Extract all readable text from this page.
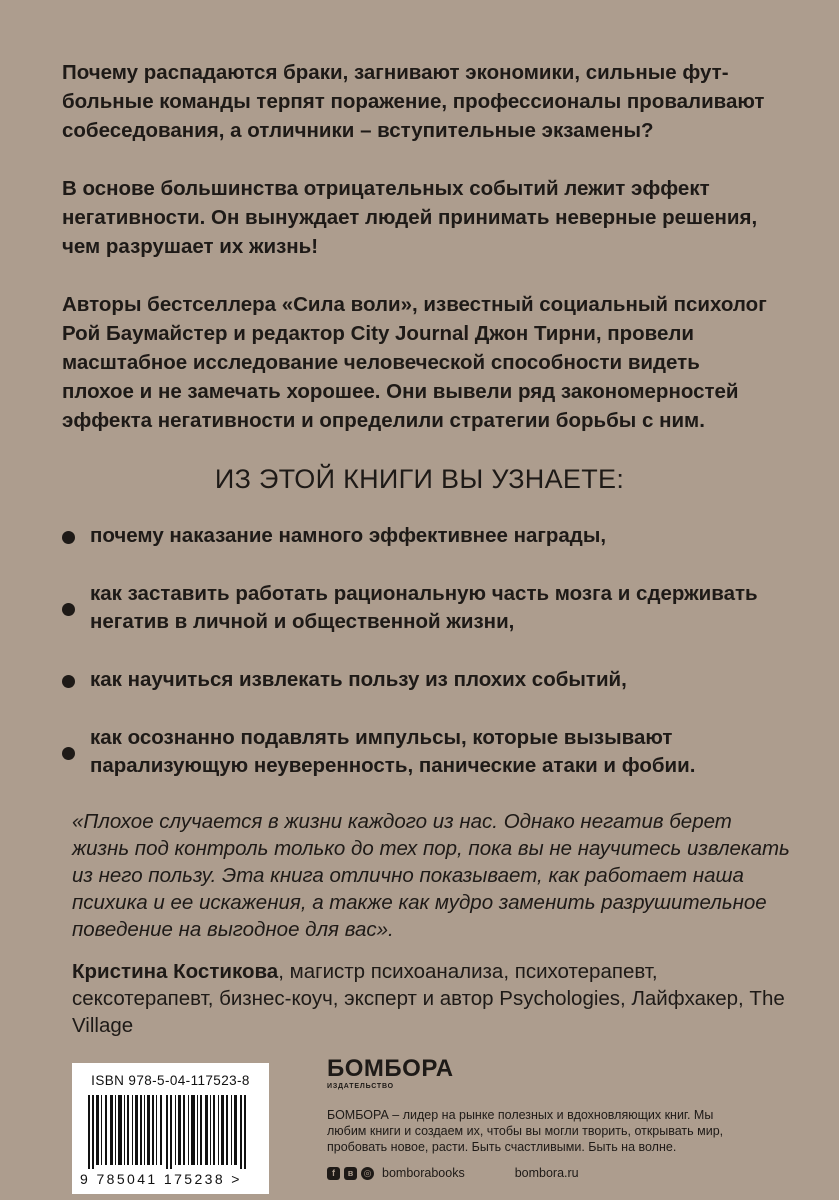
Почему распадаются браки, загнивают экономики, сильные футбольные команды терпят поражение, профессионалы проваливают собеседования, а отличники – вступительные экзамены?

В основе большинства отрицательных событий лежит эффект негативности. Он вынуждает людей принимать неверные решения, чем разрушает их жизнь!

Авторы бестселлера «Сила воли», известный социальный психолог Рой Баумайстер и редактор City Journal Джон Тирни, провели масштабное исследование человеческой способности видеть плохое и не замечать хорошее. Они вывели ряд закономерностей эффекта негативности и определили стратегии борьбы с ним.

ИЗ ЭТОЙ КНИГИ ВЫ УЗНАЕТЕ:
почему наказание намного эффективнее награды,
как заставить работать рациональную часть мозга и сдерживать негатив в личной и общественной жизни,
как научиться извлекать пользу из плохих событий,
как осознанно подавлять импульсы, которые вызывают парализующую неуверенность, панические атаки и фобии.

«Плохое случается в жизни каждого из нас. Однако негатив берет жизнь под контроль только до тех пор, пока вы не научитесь извлекать из него пользу. Эта книга отлично показывает, как работает наша психика и ее искажения, а также как мудро заменить разрушительное поведение на выгодное для вас».

Кристина Костикова, магистр психоанализа, психотерапевт, сексотерапевт, бизнес-коуч, эксперт и автор Psychologies, Лайфхакер, The Village

ISBN 978-5-04-117523-8
9 785041 175238 >
БОМБОРА
ИЗДАТЕЛЬСТВО
БОМБОРА – лидер на рынке полезных и вдохновляющих книг. Мы любим книги и создаем их, чтобы вы могли творить, открывать мир, пробовать новое, расти. Быть счастливыми. Быть на волне.
f	в	◎ bomborabooks	bombora.ru
